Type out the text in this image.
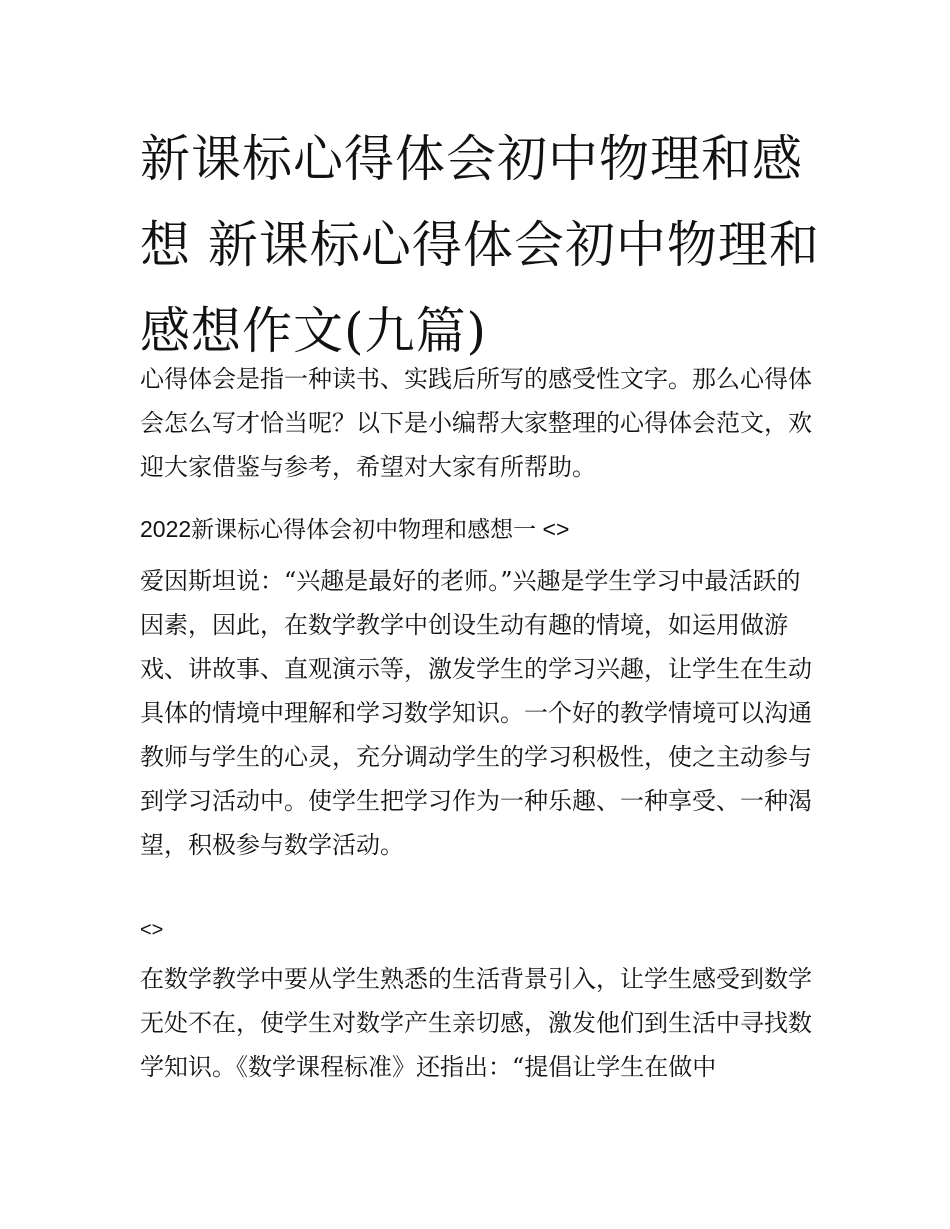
新课标心得体会初中物理和感想 新课标心得体会初中物理和感想作文(九篇)

心得体会是指一种读书、实践后所写的感受性文字。那么心得体会怎么写才恰当呢？以下是小编帮大家整理的心得体会范文，欢迎大家借鉴与参考，希望对大家有所帮助。

2022新课标心得体会初中物理和感想一 <>

爱因斯坦说：“兴趣是最好的老师。”兴趣是学生学习中最活跃的因素，因此，在数学教学中创设生动有趣的情境，如运用做游戏、讲故事、直观演示等，激发学生的学习兴趣，让学生在生动具体的情境中理解和学习数学知识。一个好的教学情境可以沟通教师与学生的心灵，充分调动学生的学习积极性，使之主动参与到学习活动中。使学生把学习作为一种乐趣、一种享受、一种渴望，积极参与数学活动。

<>

在数学教学中要从学生熟悉的生活背景引入，让学生感受到数学无处不在，使学生对数学产生亲切感，激发他们到生活中寻找数学知识。《数学课程标准》还指出：“提倡让学生在做中
